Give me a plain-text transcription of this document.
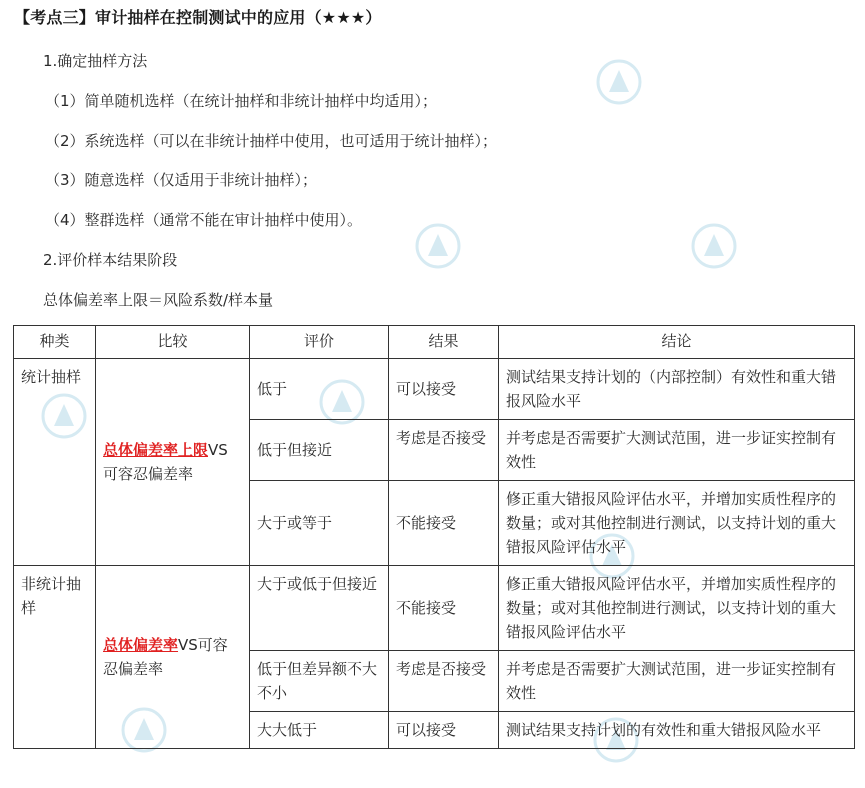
【考点三】审计抽样在控制测试中的应用（★★★）
1.确定抽样方法
（1）简单随机选样（在统计抽样和非统计抽样中均适用）；
（2）系统选样（可以在非统计抽样中使用，也可适用于统计抽样）；
（3）随意选样（仅适用于非统计抽样）；
（4）整群选样（通常不能在审计抽样中使用）。
2.评价样本结果阶段
总体偏差率上限＝风险系数/样本量
种类	比较	评价	结果	结论
统计抽样	总体偏差率上限VS可容忍偏差率	低于	可以接受	测试结果支持计划的（内部控制）有效性和重大错报风险水平
		低于但接近	考虑是否接受	并考虑是否需要扩大测试范围，进一步证实控制有效性
		大于或等于	不能接受	修正重大错报风险评估水平，并增加实质性程序的数量；或对其他控制进行测试，以支持计划的重大错报风险评估水平
非统计抽样	总体偏差率VS可容忍偏差率	大于或低于但接近	不能接受	修正重大错报风险评估水平，并增加实质性程序的数量；或对其他控制进行测试，以支持计划的重大错报风险评估水平
		低于但差异额不大不小	考虑是否接受	并考虑是否需要扩大测试范围，进一步证实控制有效性
		大大低于	可以接受	测试结果支持计划的有效性和重大错报风险水平
